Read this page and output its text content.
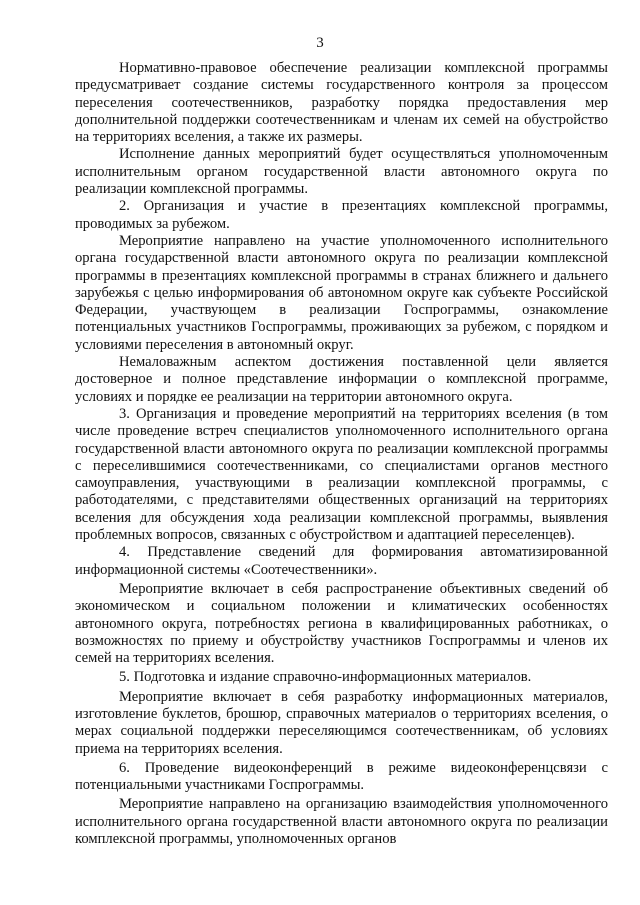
3

Нормативно-правовое обеспечение реализации комплексной программы предусматривает создание системы государственного контроля за процессом переселения соотечественников, разработку порядка предоставления мер дополнительной поддержки соотечественникам и членам их семей на обустройство на территориях вселения, а также их размеры.

Исполнение данных мероприятий будет осуществляться уполномоченным исполнительным органом государственной власти автономного округа по реализации комплексной программы.

2. Организация и участие в презентациях комплексной программы, проводимых за рубежом.

Мероприятие направлено на участие уполномоченного исполнительного органа государственной власти автономного округа по реализации комплексной программы в презентациях комплексной программы в странах ближнего и дальнего зарубежья с целью информирования об автономном округе как субъекте Российской Федерации, участвующем в реализации Госпрограммы, ознакомление потенциальных участников Госпрограммы, проживающих за рубежом, с порядком и условиями переселения в автономный округ.

Немаловажным аспектом достижения поставленной цели является достоверное и полное представление информации о комплексной программе, условиях и порядке ее реализации на территории автономного округа.

3. Организация и проведение мероприятий на территориях вселения (в том числе проведение встреч специалистов уполномоченного исполнительного органа государственной власти автономного округа по реализации комплексной программы с переселившимися соотечественниками, со специалистами органов местного самоуправления, участвующими в реализации комплексной программы, с работодателями, с представителями общественных организаций на территориях вселения для обсуждения хода реализации комплексной программы, выявления проблемных вопросов, связанных с обустройством и адаптацией переселенцев).

4. Представление сведений для формирования автоматизированной информационной системы «Соотечественники».

Мероприятие включает в себя распространение объективных сведений об экономическом и социальном положении и климатических особенностях автономного округа, потребностях региона в квалифицированных работниках, о возможностях по приему и обустройству участников Госпрограммы и членов их семей на территориях вселения.

5. Подготовка и издание справочно-информационных материалов.

Мероприятие включает в себя разработку информационных материалов, изготовление буклетов, брошюр, справочных материалов о территориях вселения, о мерах социальной поддержки переселяющимся соотечественникам, об условиях приема на территориях вселения.

6. Проведение видеоконференций в режиме видеоконференцсвязи с потенциальными участниками Госпрограммы.

Мероприятие направлено на организацию взаимодействия уполномоченного исполнительного органа государственной власти автономного округа по реализации комплексной программы, уполномоченных органов
